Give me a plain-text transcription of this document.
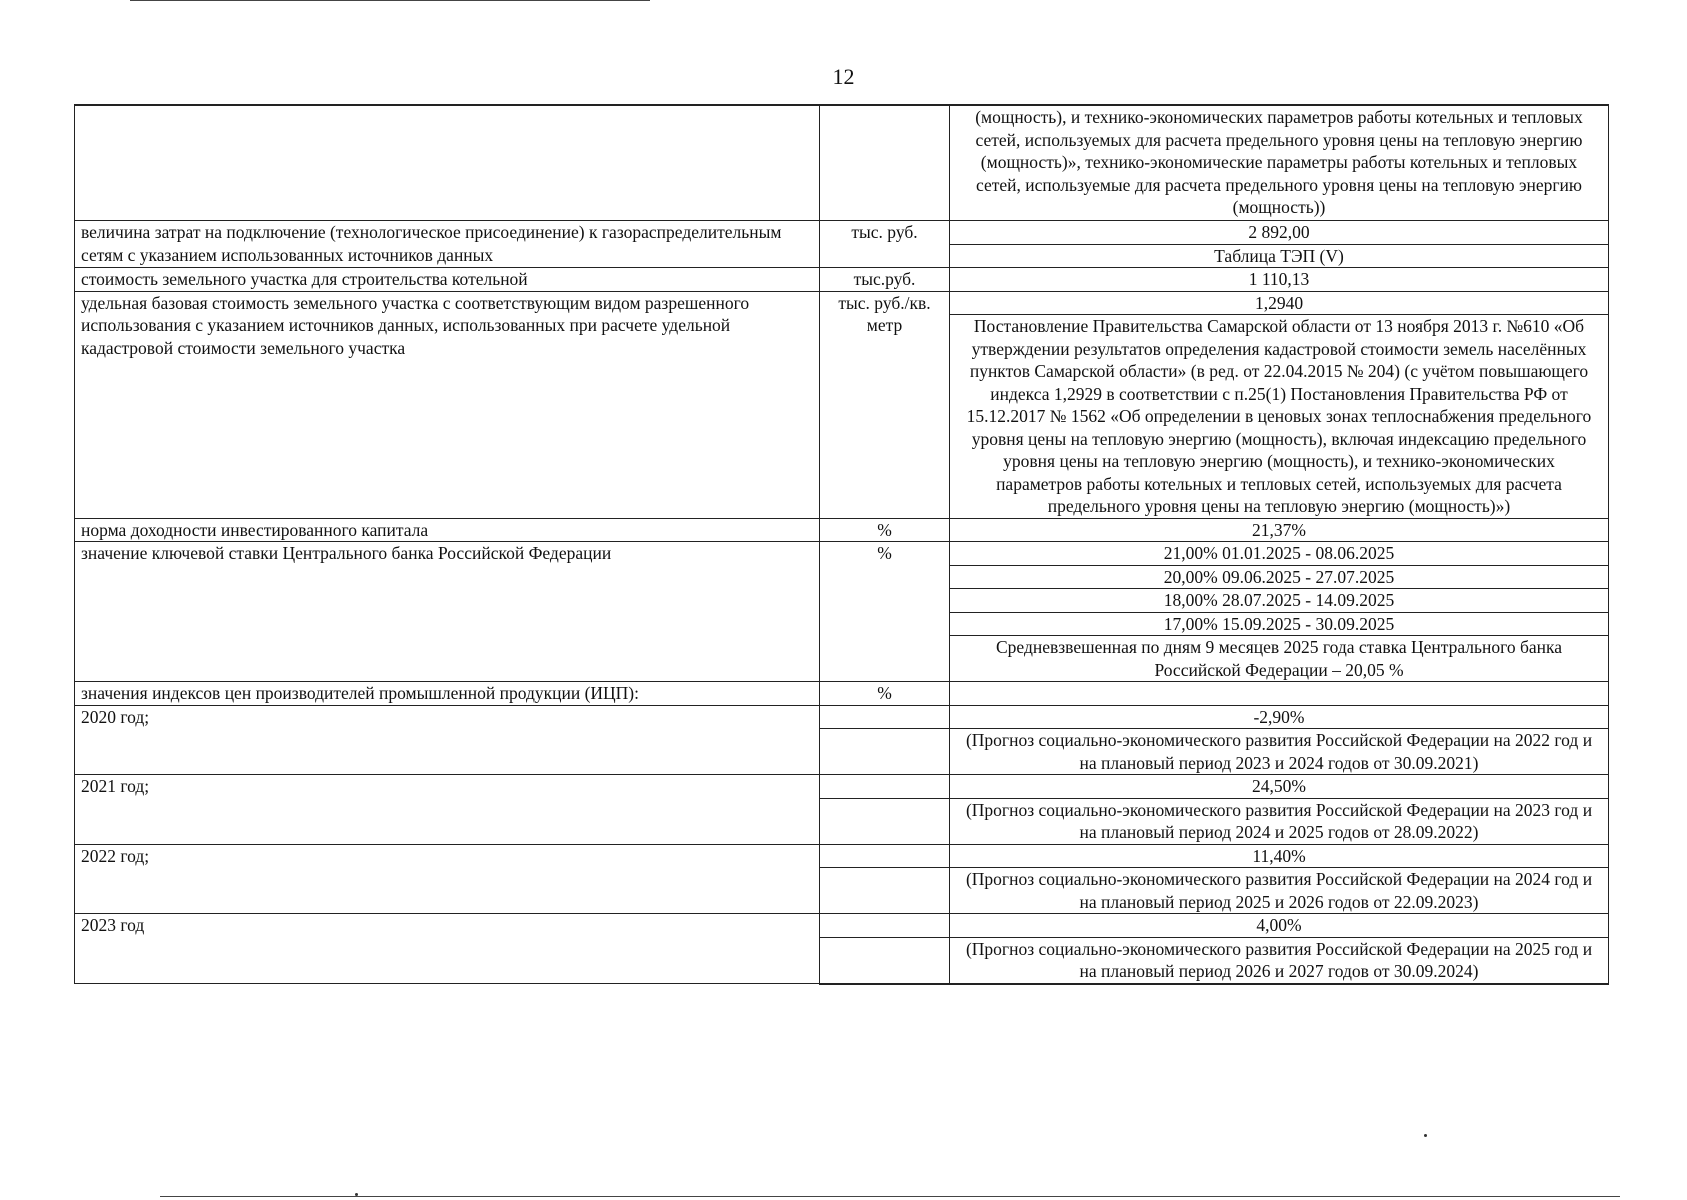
12
		(мощность), и технико-экономических параметров работы котельных и тепловых сетей, используемых для расчета предельного уровня цены на тепловую энергию (мощность)», технико-экономические параметры работы котельных и тепловых сетей, используемые для расчета предельного уровня цены на тепловую энергию (мощность))
величина затрат на подключение (технологическое присоединение) к газораспределительным сетям с указанием использованных источников данных	тыс. руб.	2 892,00
		Таблица ТЭП (V)
стоимость земельного участка для строительства котельной	тыс.руб.	1 110,13
удельная базовая стоимость земельного участка с соответствующим видом разрешенного использования с указанием источников данных, использованных при расчете удельной кадастровой стоимости земельного участка	тыс. руб./кв. метр	1,2940
		Постановление Правительства Самарской области от 13 ноября 2013 г. №610 «Об утверждении результатов определения кадастровой стоимости земель населённых пунктов Самарской области» (в ред. от 22.04.2015 № 204) (с учётом повышающего индекса 1,2929 в соответствии с п.25(1) Постановления Правительства РФ от 15.12.2017 № 1562 «Об определении в ценовых зонах теплоснабжения предельного уровня цены на тепловую энергию (мощность), включая индексацию предельного уровня цены на тепловую энергию (мощность), и технико-экономических параметров работы котельных и тепловых сетей, используемых для расчета предельного уровня цены на тепловую энергию (мощность)»)
норма доходности инвестированного капитала	%	21,37%
значение ключевой ставки Центрального банка Российской Федерации	%	21,00% 01.01.2025 - 08.06.2025
		20,00% 09.06.2025 - 27.07.2025
		18,00% 28.07.2025 - 14.09.2025
		17,00% 15.09.2025 - 30.09.2025
		Средневзвешенная по дням 9 месяцев 2025 года ставка Центрального банка Российской Федерации – 20,05 %
значения индексов цен производителей промышленной продукции (ИЦП):	%	
2020 год;		-2,90%
		(Прогноз социально-экономического развития Российской Федерации на 2022 год и на плановый период 2023 и 2024 годов от 30.09.2021)
2021 год;		24,50%
		(Прогноз социально-экономического развития Российской Федерации на 2023 год и на плановый период 2024 и 2025 годов от 28.09.2022)
2022 год;		11,40%
		(Прогноз социально-экономического развития Российской Федерации на 2024 год и на плановый период 2025 и 2026 годов от 22.09.2023)
2023 год		4,00%
		(Прогноз социально-экономического развития Российской Федерации на 2025 год и на плановый период 2026 и 2027 годов от 30.09.2024)
